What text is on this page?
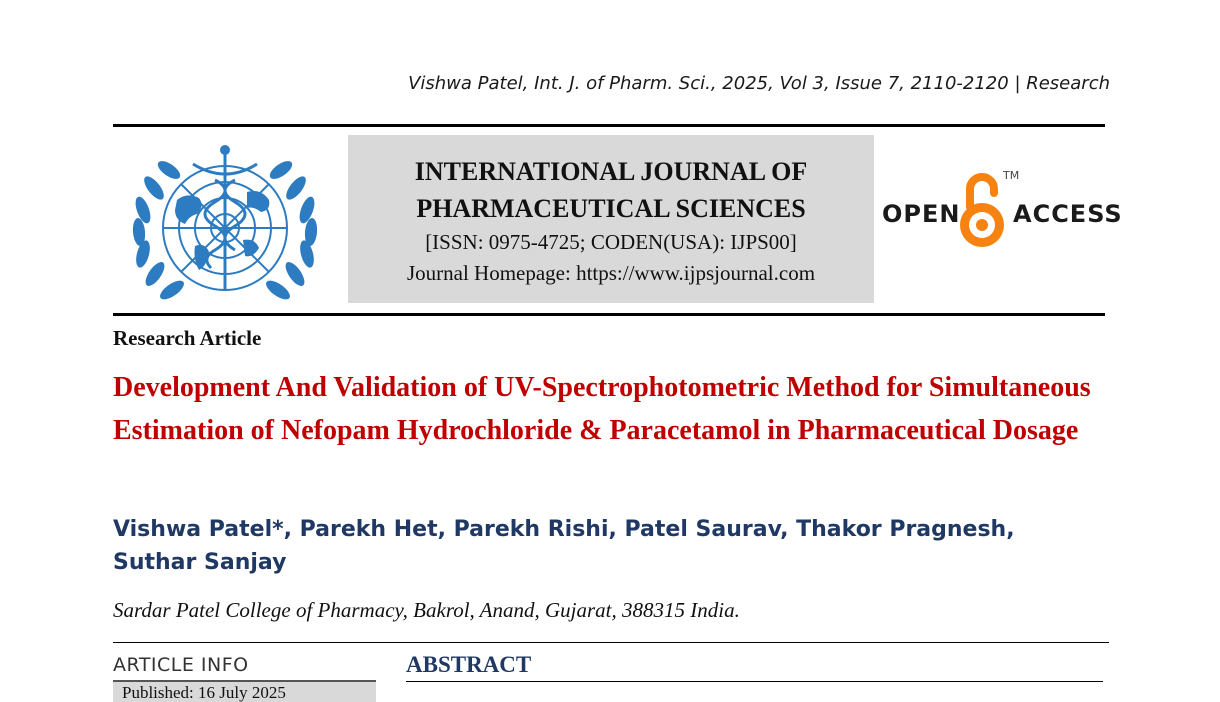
Vishwa Patel, Int. J. of Pharm. Sci., 2025, Vol 3, Issue 7, 2110-2120 | Research
INTERNATIONAL JOURNAL OF
PHARMACEUTICAL SCIENCES
[ISSN: 0975-4725; CODEN(USA): IJPS00]
Journal Homepage: https://www.ijpsjournal.com
OPEN
TM
ACCESS
Research Article
Development And Validation of UV-Spectrophotometric Method for Simultaneous Estimation of Nefopam Hydrochloride & Paracetamol in Pharmaceutical Dosage
Vishwa Patel*, Parekh Het, Parekh Rishi, Patel Saurav, Thakor Pragnesh, Suthar Sanjay
Sardar Patel College of Pharmacy, Bakrol, Anand, Gujarat, 388315 India.
ARTICLE INFO
Published: 16 July 2025
ABSTRACT
